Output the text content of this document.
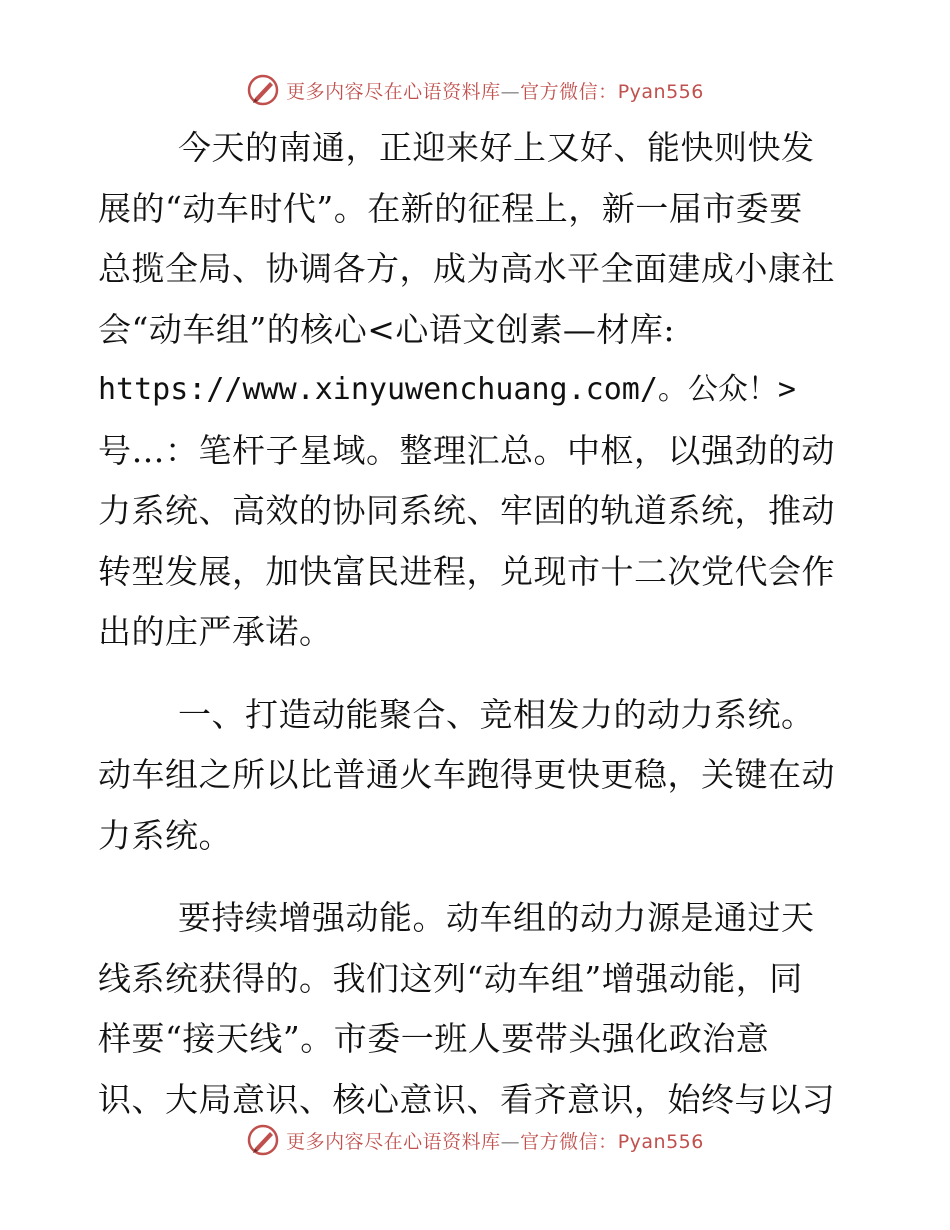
更多内容尽在心语资料库—官方微信：Pyan556
今天的南通，正迎来好上又好、能快则快发
展的“动车时代”。在新的征程上，新一届市委要
总揽全局、协调各方，成为高水平全面建成小康社
会“动车组”的核心<心语文创素—材库:
https://www.xinyuwenchuang.com/。公众！>
号…：笔杆子星域。整理汇总。中枢，以强劲的动
力系统、高效的协同系统、牢固的轨道系统，推动
转型发展，加快富民进程，兑现市十二次党代会作
出的庄严承诺。
一、打造动能聚合、竞相发力的动力系统。
动车组之所以比普通火车跑得更快更稳，关键在动
力系统。
要持续增强动能。动车组的动力源是通过天
线系统获得的。我们这列“动车组”增强动能，同
样要“接天线”。市委一班人要带头强化政治意
识、大局意识、核心意识、看齐意识，始终与以习
更多内容尽在心语资料库—官方微信：Pyan556
